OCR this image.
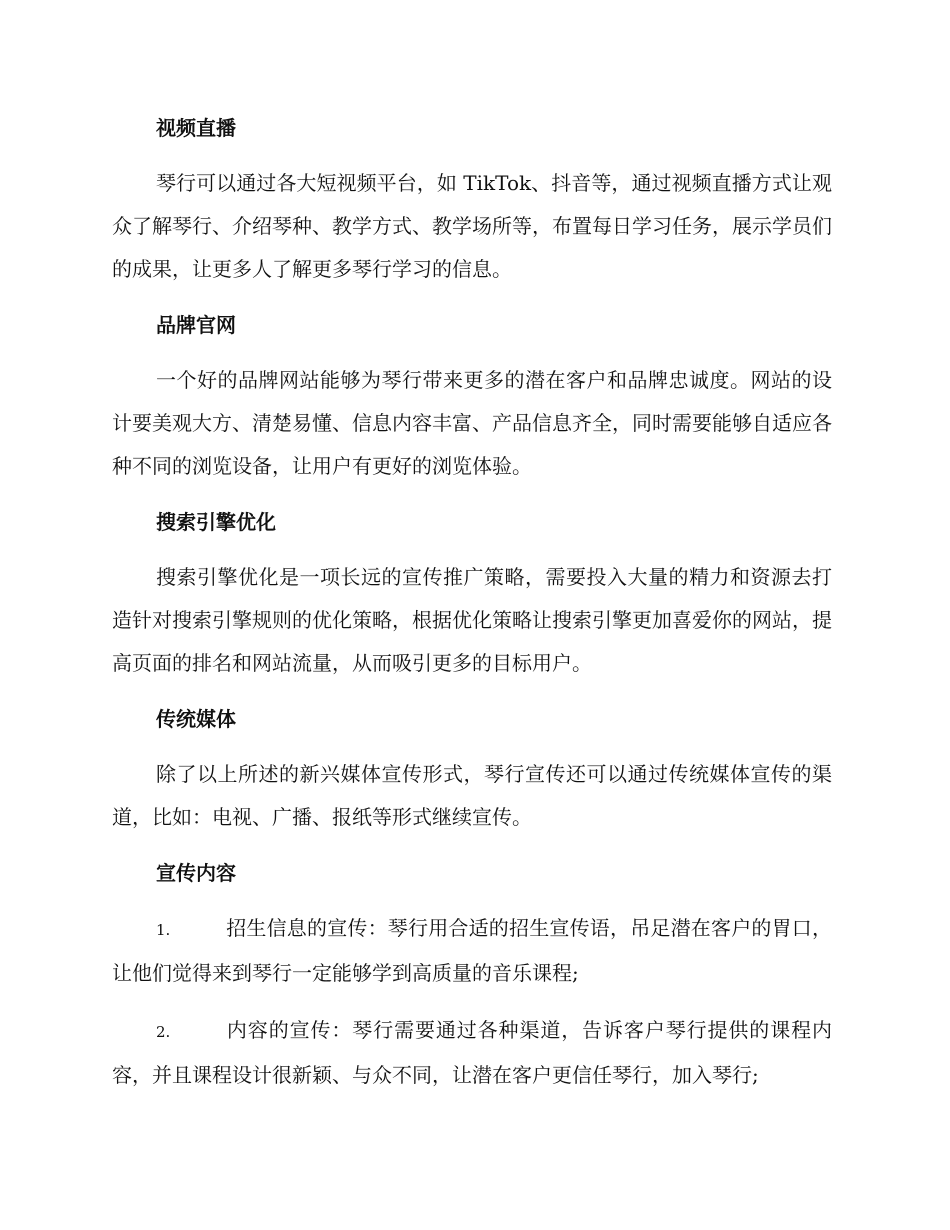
视频直播

琴行可以通过各大短视频平台，如 TikTok、抖音等，通过视频直播方式让观众了解琴行、介绍琴种、教学方式、教学场所等，布置每日学习任务，展示学员们的成果，让更多人了解更多琴行学习的信息。

品牌官网

一个好的品牌网站能够为琴行带来更多的潜在客户和品牌忠诚度。网站的设计要美观大方、清楚易懂、信息内容丰富、产品信息齐全，同时需要能够自适应各种不同的浏览设备，让用户有更好的浏览体验。

搜索引擎优化

搜索引擎优化是一项长远的宣传推广策略，需要投入大量的精力和资源去打造针对搜索引擎规则的优化策略，根据优化策略让搜索引擎更加喜爱你的网站，提高页面的排名和网站流量，从而吸引更多的目标用户。

传统媒体

除了以上所述的新兴媒体宣传形式，琴行宣传还可以通过传统媒体宣传的渠道，比如：电视、广播、报纸等形式继续宣传。

宣传内容

1.	招生信息的宣传：琴行用合适的招生宣传语，吊足潜在客户的胃口，让他们觉得来到琴行一定能够学到高质量的音乐课程;

2.	内容的宣传：琴行需要通过各种渠道，告诉客户琴行提供的课程内容，并且课程设计很新颖、与众不同，让潜在客户更信任琴行，加入琴行;
